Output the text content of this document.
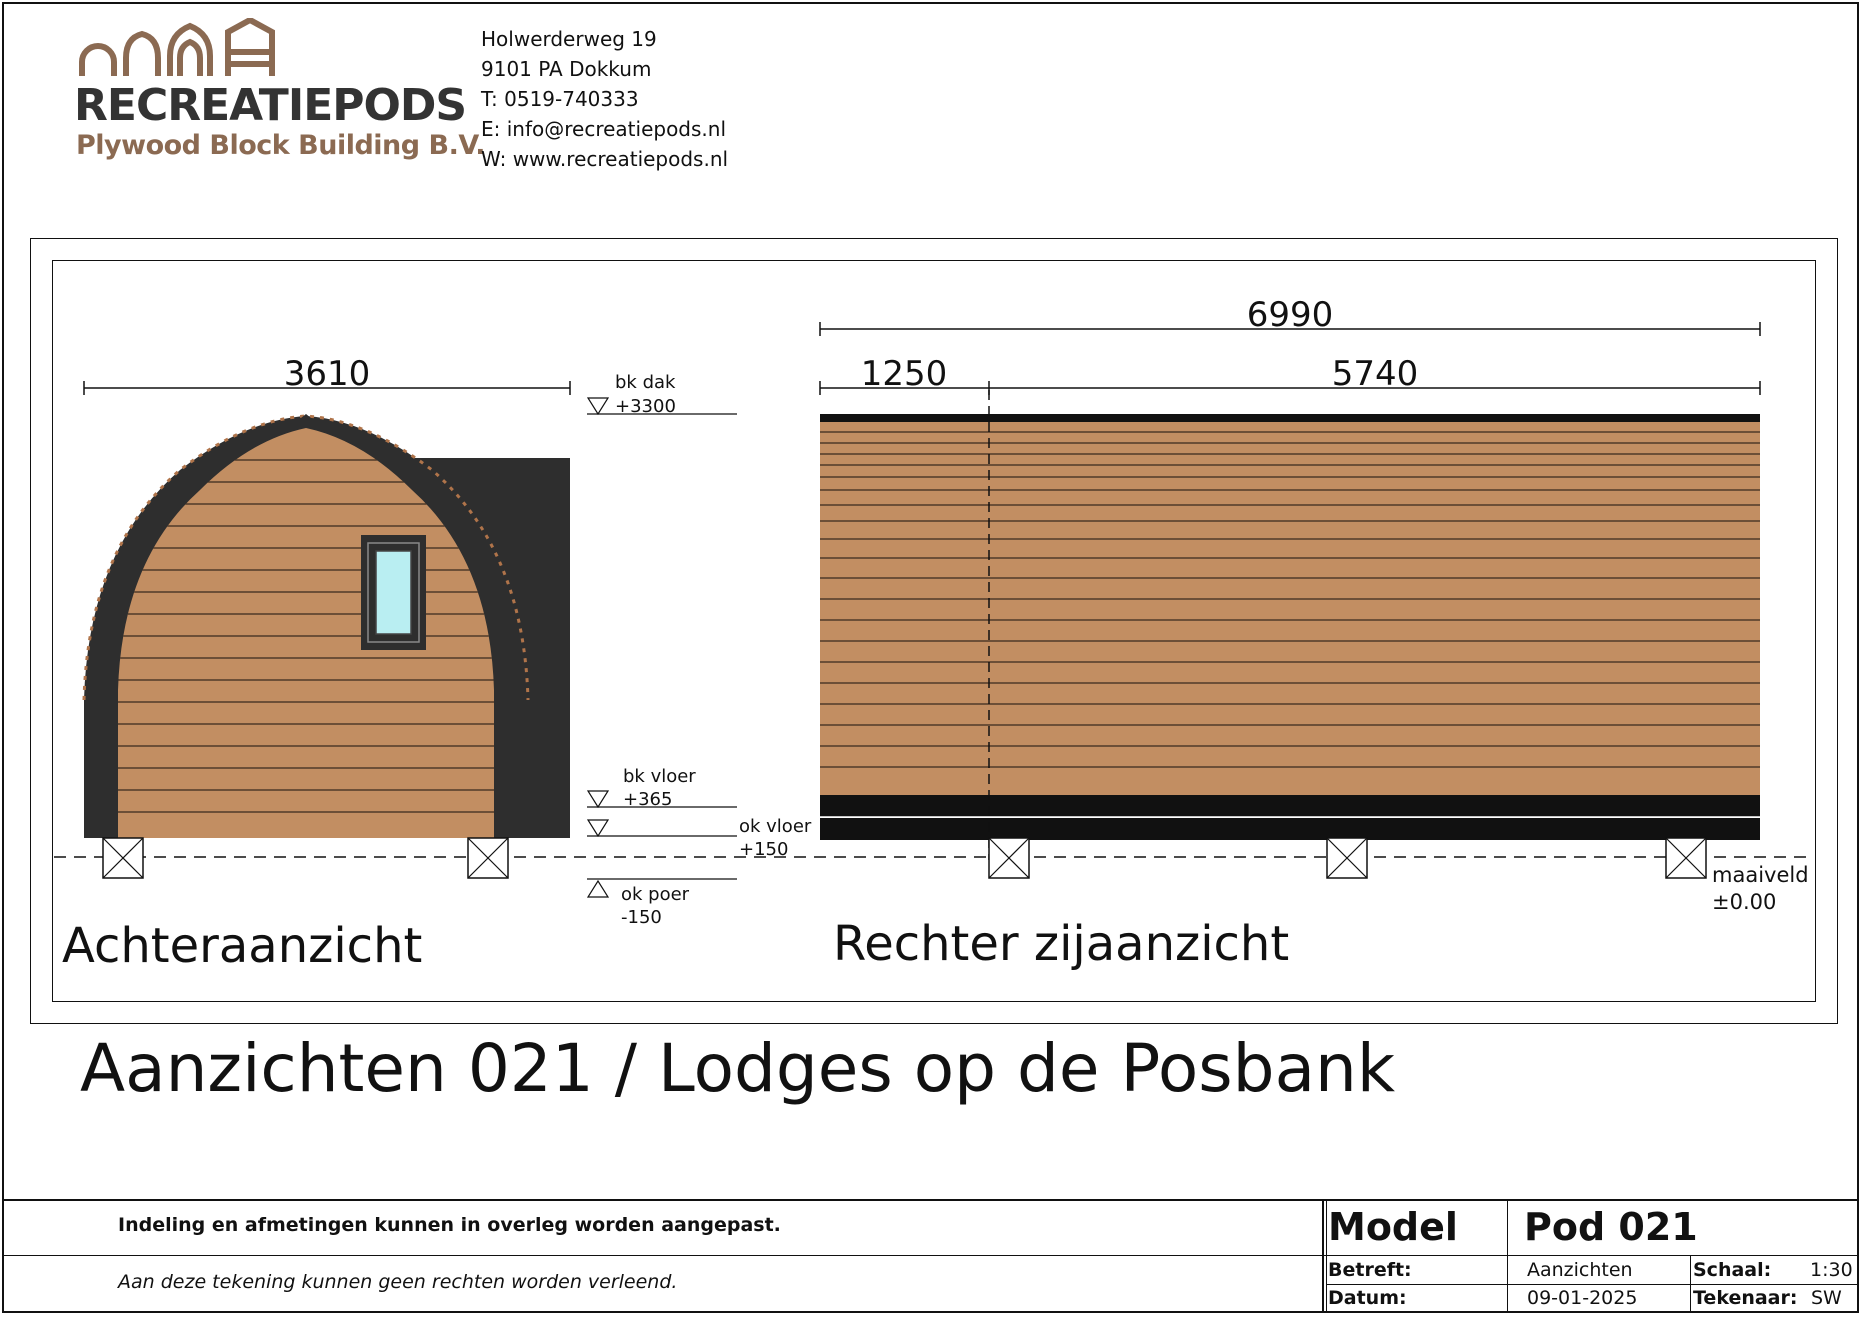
RECREATIEPODS
Plywood Block Building B.V.
Holwerderweg 19
9101 PA Dokkum
T: 0519-740333
E: info@recreatiepods.nl
W: www.recreatiepods.nl
3610	bk dak
+3300
bk vloer
+365
ok vloer
+150
ok poer
-150
6990
1250	5740
maaiveld
±0.00
Achteraanzicht	Rechter zijaanzicht
Aanzichten 021 / Lodges op de Posbank
Indeling en afmetingen kunnen in overleg worden aangepast.
Aan deze tekening kunnen geen rechten worden verleend.
Model Pod 021
Betreft:	Aanzichten	Schaal: 1:30
Datum:	09-01-2025	Tekenaar: SW
